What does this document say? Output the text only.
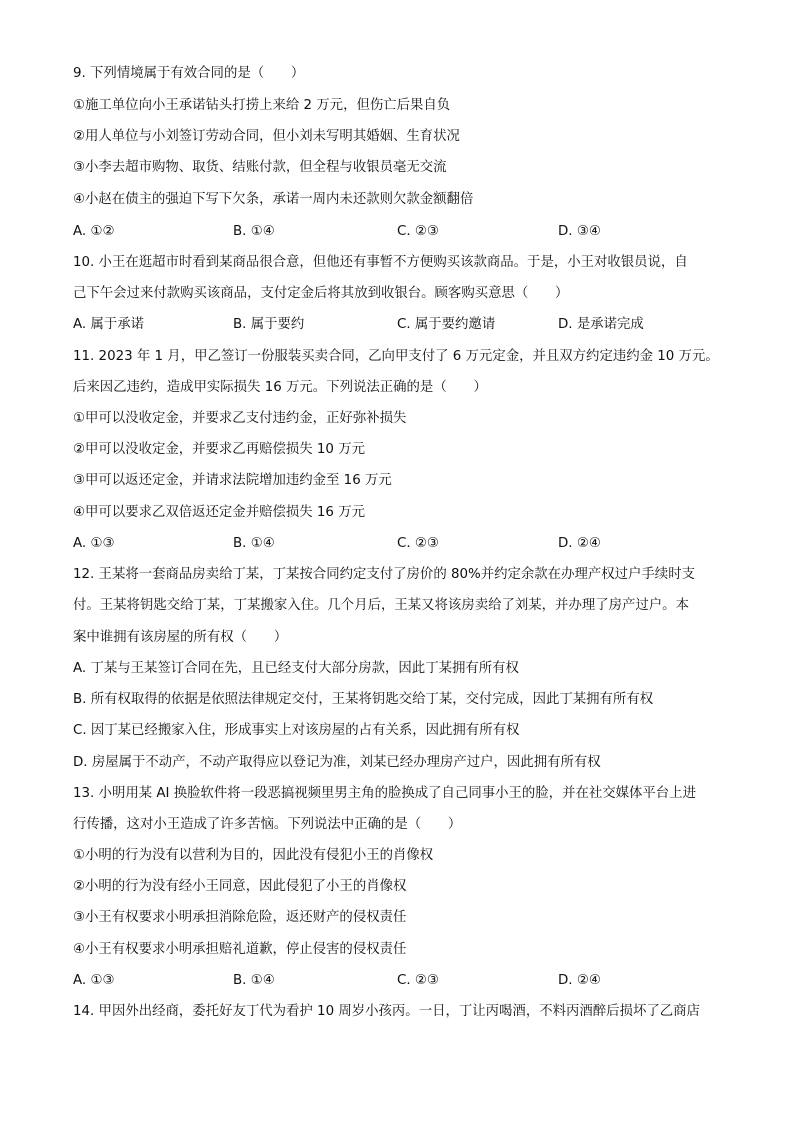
9. 下列情境属于有效合同的是（　　）
①施工单位向小王承诺钻头打捞上来给 2 万元，但伤亡后果自负
②用人单位与小刘签订劳动合同，但小刘未写明其婚姻、生育状况
③小李去超市购物、取货、结账付款，但全程与收银员毫无交流
④小赵在债主的强迫下写下欠条，承诺一周内未还款则欠款金额翻倍
A. ①②	B. ①④	C. ②③	D. ③④
10. 小王在逛超市时看到某商品很合意，但他还有事暂不方便购买该款商品。于是，小王对收银员说，自
己下午会过来付款购买该商品，支付定金后将其放到收银台。顾客购买意思（　　）
A. 属于承诺	B. 属于要约	C. 属于要约邀请	D. 是承诺完成
11. 2023 年 1 月，甲乙签订一份服装买卖合同，乙向甲支付了 6 万元定金，并且双方约定违约金 10 万元。
后来因乙违约，造成甲实际损失 16 万元。下列说法正确的是（　　）
①甲可以没收定金，并要求乙支付违约金，正好弥补损失
②甲可以没收定金，并要求乙再赔偿损失 10 万元
③甲可以返还定金，并请求法院增加违约金至 16 万元
④甲可以要求乙双倍返还定金并赔偿损失 16 万元
A. ①③	B. ①④	C. ②③	D. ②④
12. 王某将一套商品房卖给丁某，丁某按合同约定支付了房价的 80%并约定余款在办理产权过户手续时支
付。王某将钥匙交给丁某，丁某搬家入住。几个月后，王某又将该房卖给了刘某，并办理了房产过户。本
案中谁拥有该房屋的所有权（　　）
A. 丁某与王某签订合同在先，且已经支付大部分房款，因此丁某拥有所有权
B. 所有权取得的依据是依照法律规定交付，王某将钥匙交给丁某，交付完成，因此丁某拥有所有权
C. 因丁某已经搬家入住，形成事实上对该房屋的占有关系，因此拥有所有权
D. 房屋属于不动产，不动产取得应以登记为准，刘某已经办理房产过户，因此拥有所有权
13. 小明用某 AI 换脸软件将一段恶搞视频里男主角的脸换成了自己同事小王的脸，并在社交媒体平台上进
行传播，这对小王造成了许多苦恼。下列说法中正确的是（　　）
①小明的行为没有以营利为目的，因此没有侵犯小王的肖像权
②小明的行为没有经小王同意，因此侵犯了小王的肖像权
③小王有权要求小明承担消除危险，返还财产的侵权责任
④小王有权要求小明承担赔礼道歉，停止侵害的侵权责任
A. ①③	B. ①④	C. ②③	D. ②④
14. 甲因外出经商，委托好友丁代为看护 10 周岁小孩丙。一日，丁让丙喝酒，不料丙酒醉后损坏了乙商店
